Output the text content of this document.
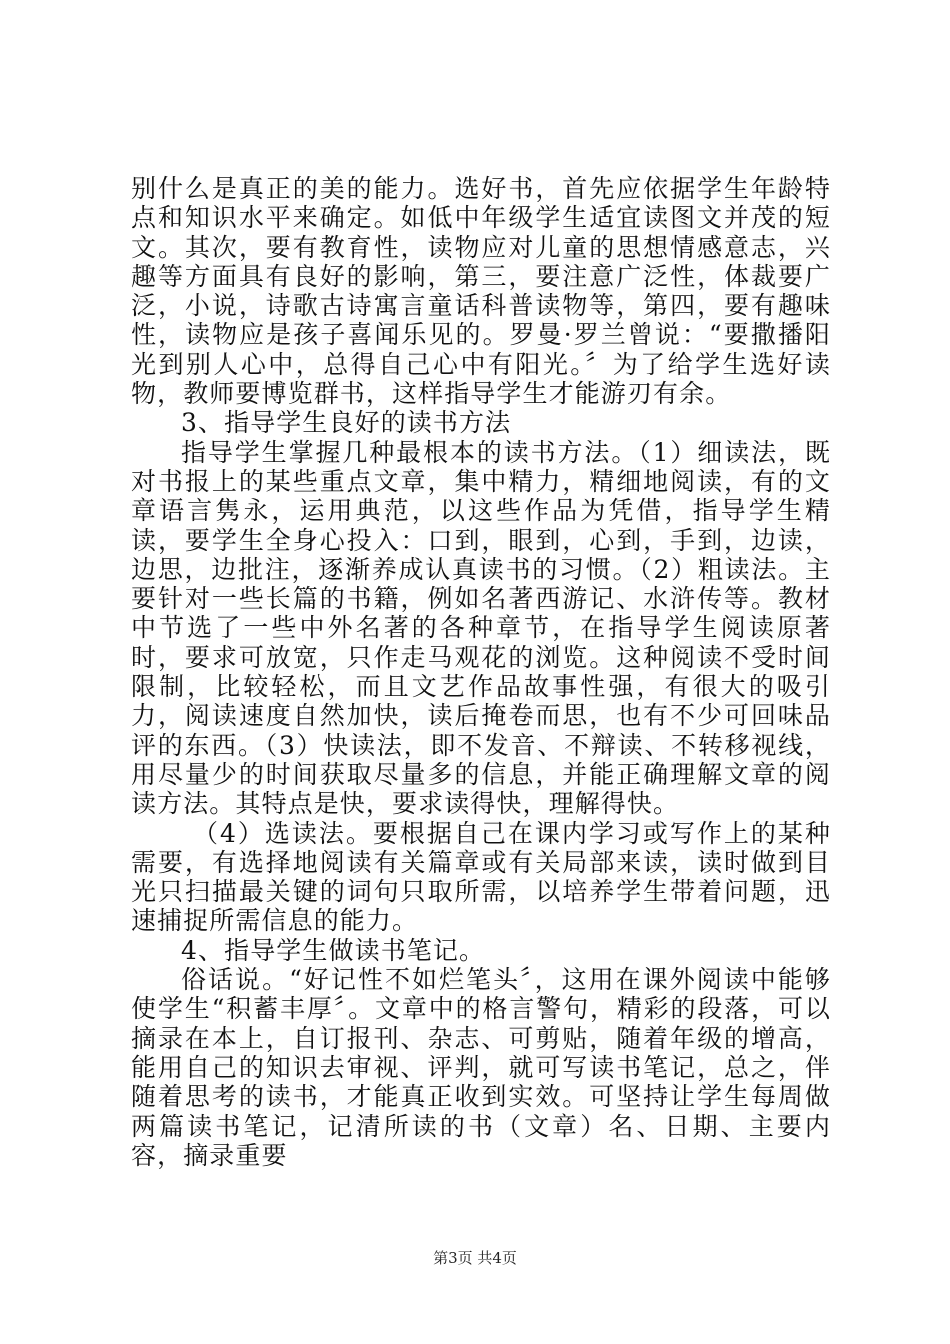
别什么是真正的美的能力。选好书，首先应依据学生年龄特点和知识水平来确定。如低中年级学生适宜读图文并茂的短文。其次，要有教育性，读物应对儿童的思想情感意志，兴趣等方面具有良好的影响，第三，要注意广泛性，体裁要广泛，小说，诗歌古诗寓言童话科普读物等，第四，要有趣味性，读物应是孩子喜闻乐见的。罗曼·罗兰曾说：“要撒播阳光到别人心中，总得自己心中有阳光。〞为了给学生选好读物，教师要博览群书，这样指导学生才能游刃有余。

3、指导学生良好的读书方法

指导学生掌握几种最根本的读书方法。（1）细读法，既对书报上的某些重点文章，集中精力，精细地阅读，有的文章语言隽永，运用典范，以这些作品为凭借，指导学生精读，要学生全身心投入：口到，眼到，心到，手到，边读，边思，边批注，逐渐养成认真读书的习惯。（2）粗读法。主要针对一些长篇的书籍，例如名著西游记、水浒传等。教材中节选了一些中外名著的各种章节，在指导学生阅读原著时，要求可放宽，只作走马观花的浏览。这种阅读不受时间限制，比较轻松，而且文艺作品故事性强，有很大的吸引力，阅读速度自然加快，读后掩卷而思，也有不少可回味品评的东西。（3）快读法，即不发音、不辩读、不转移视线，用尽量少的时间获取尽量多的信息，并能正确理解文章的阅读方法。其特点是快，要求读得快，理解得快。

（4）选读法。要根据自己在课内学习或写作上的某种需要，有选择地阅读有关篇章或有关局部来读，读时做到目光只扫描最关键的词句只取所需，以培养学生带着问题，迅速捕捉所需信息的能力。

4、指导学生做读书笔记。

俗话说。“好记性不如烂笔头〞，这用在课外阅读中能够使学生“积蓄丰厚〞。文章中的格言警句，精彩的段落，可以摘录在本上，自订报刊、杂志、可剪贴，随着年级的增高，能用自己的知识去审视、评判，就可写读书笔记，总之，伴随着思考的读书，才能真正收到实效。可坚持让学生每周做两篇读书笔记，记清所读的书（文章）名、日期、主要内容，摘录重要

第3页 共4页
